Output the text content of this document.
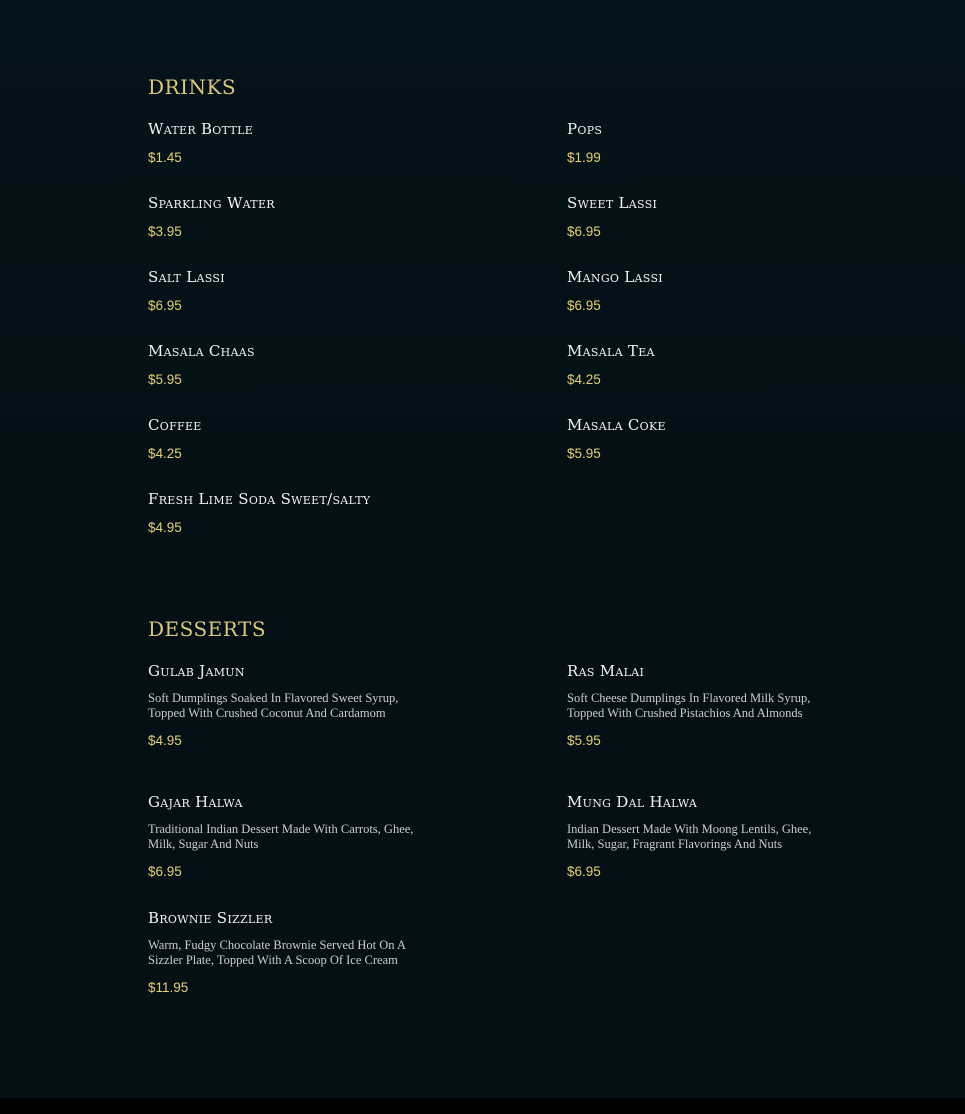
DRINKS
Water Bottle
$1.45
Pops
$1.99
Sparkling Water
$3.95
Sweet Lassi
$6.95
Salt Lassi
$6.95
Mango Lassi
$6.95
Masala Chaas
$5.95
Masala Tea
$4.25
Coffee
$4.25
Masala Coke
$5.95
Fresh Lime Soda Sweet/salty
$4.95
DESSERTS
Gulab Jamun
Soft Dumplings Soaked In Flavored Sweet Syrup, Topped With Crushed Coconut And Cardamom
$4.95
Ras Malai
Soft Cheese Dumplings In Flavored Milk Syrup, Topped With Crushed Pistachios And Almonds
$5.95
Gajar Halwa
Traditional Indian Dessert Made With Carrots, Ghee, Milk, Sugar And Nuts
$6.95
Mung Dal Halwa
Indian Dessert Made With Moong Lentils, Ghee, Milk, Sugar, Fragrant Flavorings And Nuts
$6.95
Brownie Sizzler
Warm, Fudgy Chocolate Brownie Served Hot On A Sizzler Plate, Topped With A Scoop Of Ice Cream
$11.95
